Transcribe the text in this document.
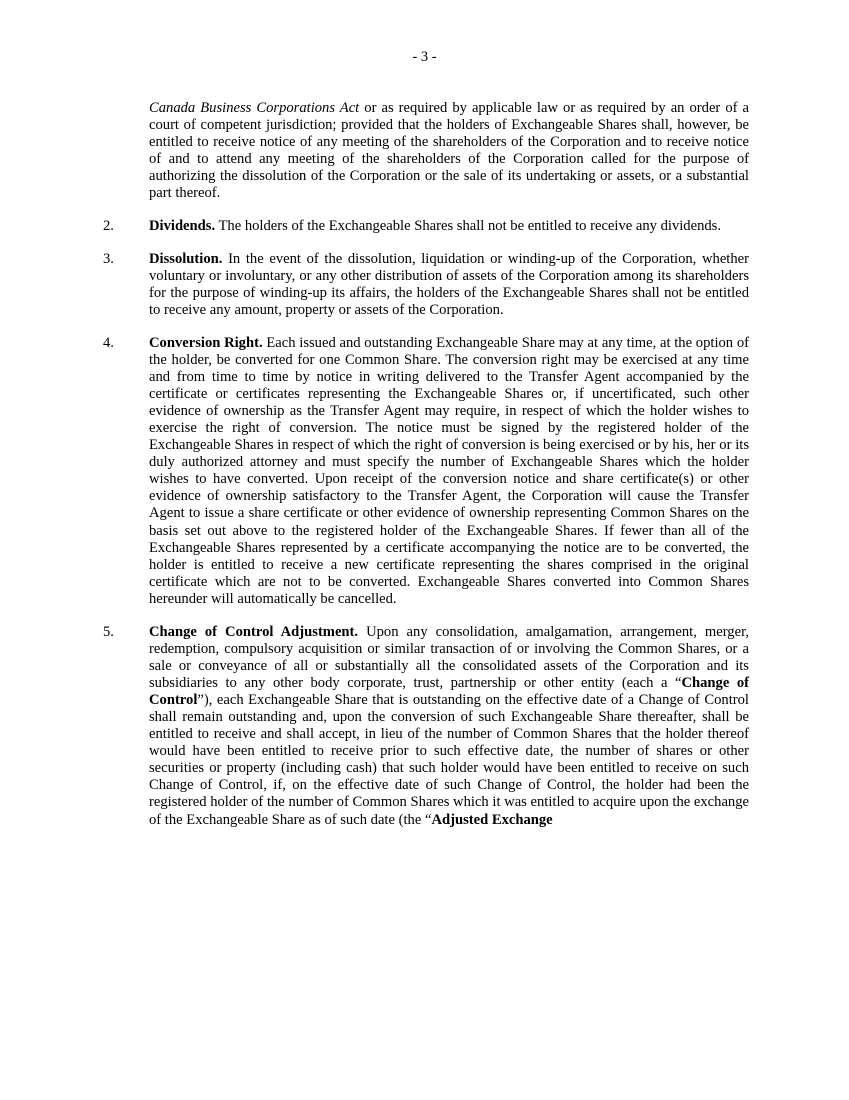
- 3 -

Canada Business Corporations Act or as required by applicable law or as required by an order of a court of competent jurisdiction; provided that the holders of Exchangeable Shares shall, however, be entitled to receive notice of any meeting of the shareholders of the Corporation and to receive notice of and to attend any meeting of the shareholders of the Corporation called for the purpose of authorizing the dissolution of the Corporation or the sale of its undertaking or assets, or a substantial part thereof.

2. Dividends. The holders of the Exchangeable Shares shall not be entitled to receive any dividends.

3. Dissolution. In the event of the dissolution, liquidation or winding-up of the Corporation, whether voluntary or involuntary, or any other distribution of assets of the Corporation among its shareholders for the purpose of winding-up its affairs, the holders of the Exchangeable Shares shall not be entitled to receive any amount, property or assets of the Corporation.

4. Conversion Right. Each issued and outstanding Exchangeable Share may at any time, at the option of the holder, be converted for one Common Share. The conversion right may be exercised at any time and from time to time by notice in writing delivered to the Transfer Agent accompanied by the certificate or certificates representing the Exchangeable Shares or, if uncertificated, such other evidence of ownership as the Transfer Agent may require, in respect of which the holder wishes to exercise the right of conversion. The notice must be signed by the registered holder of the Exchangeable Shares in respect of which the right of conversion is being exercised or by his, her or its duly authorized attorney and must specify the number of Exchangeable Shares which the holder wishes to have converted. Upon receipt of the conversion notice and share certificate(s) or other evidence of ownership satisfactory to the Transfer Agent, the Corporation will cause the Transfer Agent to issue a share certificate or other evidence of ownership representing Common Shares on the basis set out above to the registered holder of the Exchangeable Shares. If fewer than all of the Exchangeable Shares represented by a certificate accompanying the notice are to be converted, the holder is entitled to receive a new certificate representing the shares comprised in the original certificate which are not to be converted. Exchangeable Shares converted into Common Shares hereunder will automatically be cancelled.

5. Change of Control Adjustment. Upon any consolidation, amalgamation, arrangement, merger, redemption, compulsory acquisition or similar transaction of or involving the Common Shares, or a sale or conveyance of all or substantially all the consolidated assets of the Corporation and its subsidiaries to any other body corporate, trust, partnership or other entity (each a “Change of Control”), each Exchangeable Share that is outstanding on the effective date of a Change of Control shall remain outstanding and, upon the conversion of such Exchangeable Share thereafter, shall be entitled to receive and shall accept, in lieu of the number of Common Shares that the holder thereof would have been entitled to receive prior to such effective date, the number of shares or other securities or property (including cash) that such holder would have been entitled to receive on such Change of Control, if, on the effective date of such Change of Control, the holder had been the registered holder of the number of Common Shares which it was entitled to acquire upon the exchange of the Exchangeable Share as of such date (the “Adjusted Exchange
